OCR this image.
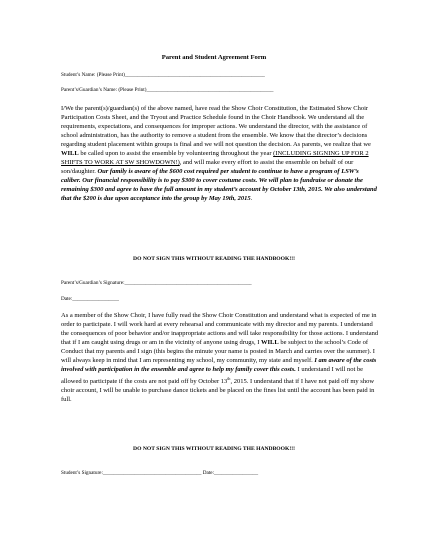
Parent and Student Agreement Form
Student’s Name: (Please Print)______________________________________________________
Parent’s/Guardian’s Name: (Please Print)_________________________________________________
I/We the parent(s)/guardian(s) of the above named, have read the Show Choir Constitution, the Estimated Show Choir Participation Costs Sheet, and the Tryout and Practice Schedule found in the Choir Handbook. We understand all the requirements, expectations, and consequences for improper actions. We understand the director, with the assistance of school administration, has the authority to remove a student from the ensemble. We know that the director’s decisions regarding student placement within groups is final and we will not question the decision. As parents, we realize that we WILL be called upon to assist the ensemble by volunteering throughout the year (INCLUDING SIGNING UP FOR 2 SHIFTS TO WORK AT SW SHOWDOWN!), and will make every effort to assist the ensemble on behalf of our son/daughter. Our family is aware of the $600 cost required per student to continue to have a program of LSW’s caliber. Our financial responsibility is to pay $300 to cover costume costs. We will plan to fundraise or donate the remaining $300 and agree to have the full amount in my student’s account by October 13th, 2015. We also understand that the $200 is due upon acceptance into the group by May 19th, 2015.
DO NOT SIGN THIS WITHOUT READING THE HANDBOOK!!!
Parent’s/Guardian’s Signature:_________________________________________________
Date:__________________
As a member of the Show Choir, I have fully read the Show Choir Constitution and understand what is expected of me in order to participate. I will work hard at every rehearsal and communicate with my director and my parents. I understand the consequences of poor behavior and/or inappropriate actions and will take responsibility for those actions. I understand that if I am caught using drugs or am in the vicinity of anyone using drugs, I WILL be subject to the school’s Code of Conduct that my parents and I sign (this begins the minute your name is posted in March and carries over the summer). I will always keep in mind that I am representing my school, my community, my state and myself. I am aware of the costs involved with participation in the ensemble and agree to help my family cover this costs. I understand I will not be allowed to participate if the costs are not paid off by October 13th, 2015. I understand that if I have not paid off my show choir account, I will be unable to purchase dance tickets and be placed on the fines list until the account has been paid in full.
DO NOT SIGN THIS WITHOUT READING THE HANDBOOK!!!
Student’s Signature:______________________________________ Date:_________________
